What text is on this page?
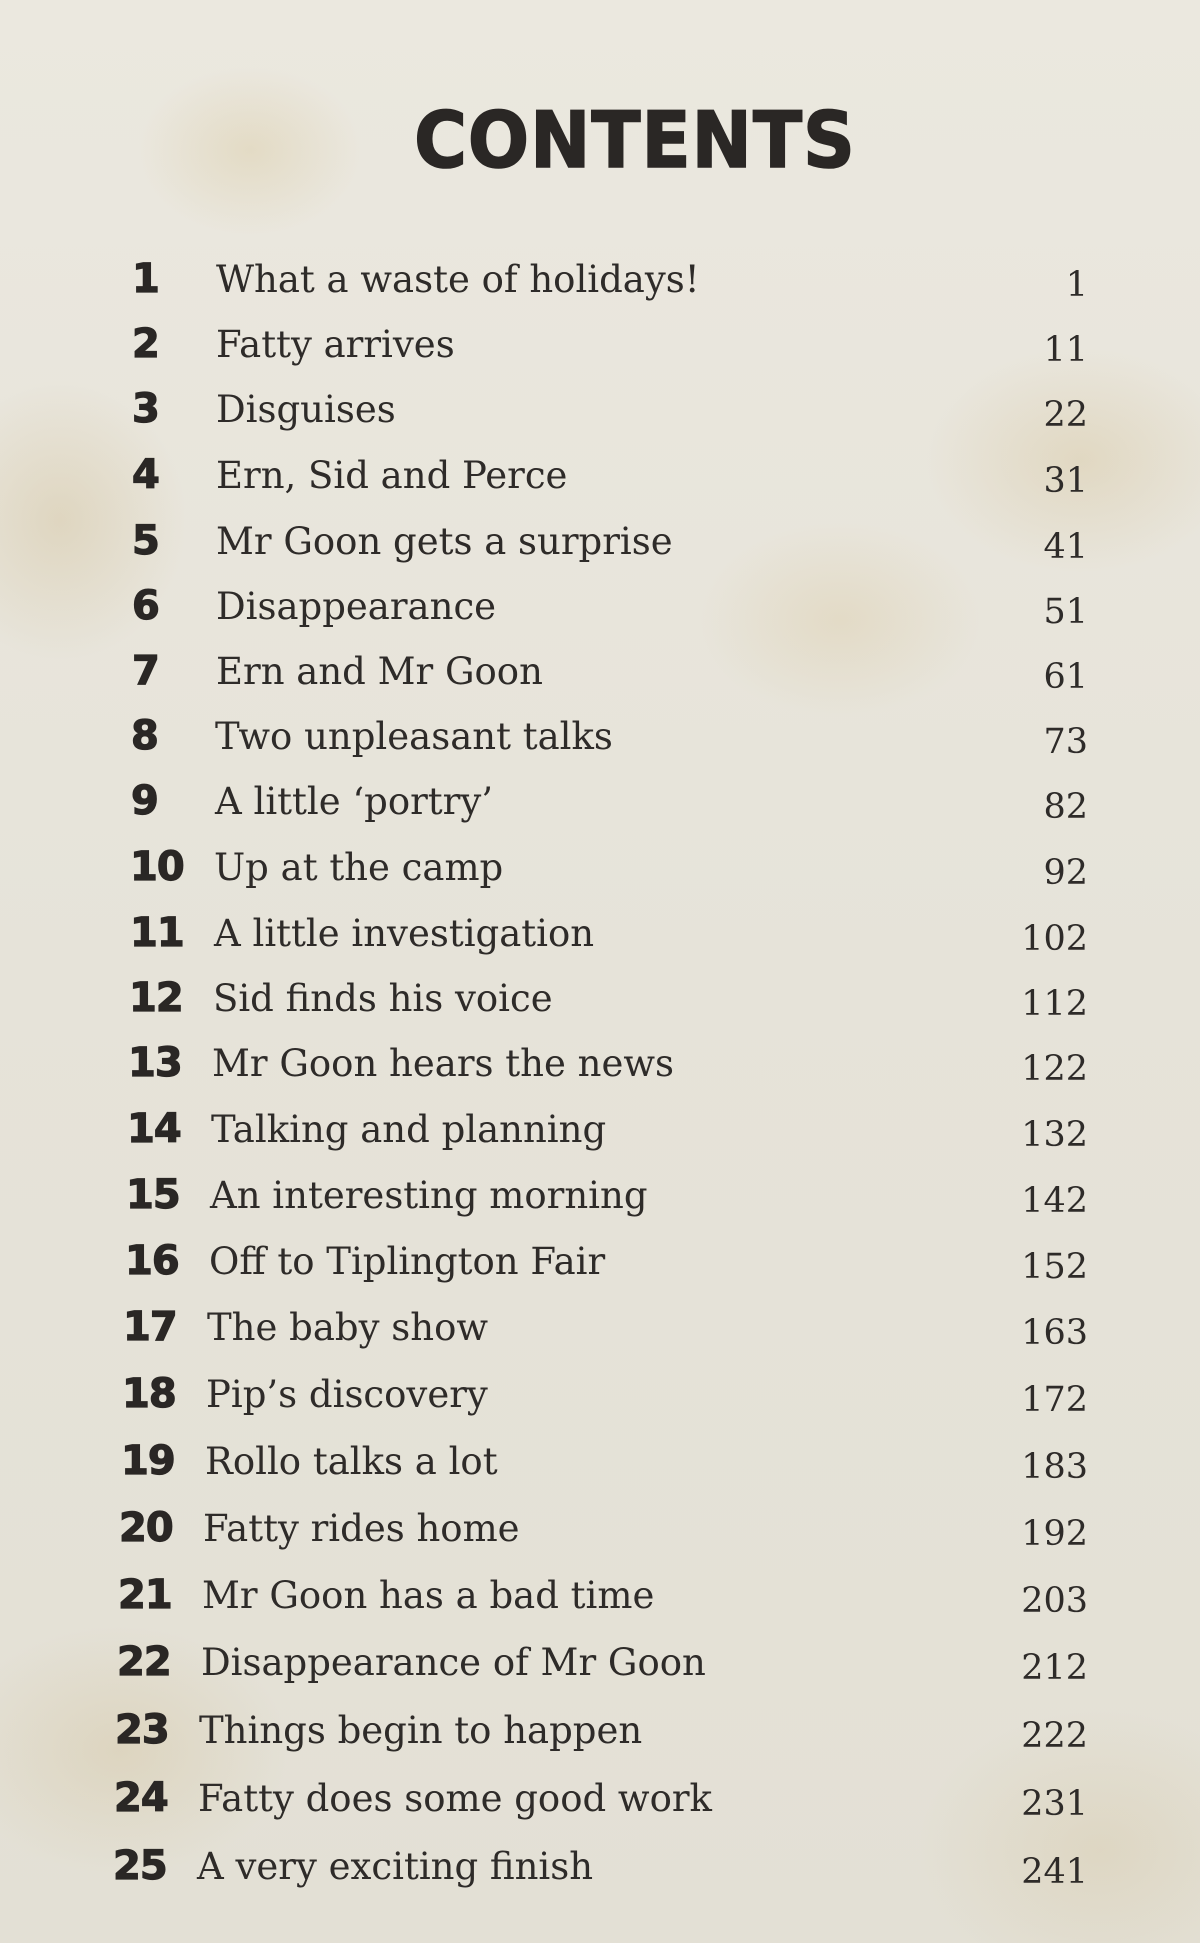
CONTENTS
1 What a waste of holidays!	1
2 Fatty arrives	11
3 Disguises	22
4 Ern, Sid and Perce	31
5 Mr Goon gets a surprise	41
6 Disappearance	51
7 Ern and Mr Goon	61
8 Two unpleasant talks	73
9 A little ‘portry’	82
10 Up at the camp	92
11 A little investigation	102
12 Sid finds his voice	112
13 Mr Goon hears the news	122
14 Talking and planning	132
15 An interesting morning	142
16 Off to Tiplington Fair	152
17 The baby show	163
18 Pip’s discovery	172
19 Rollo talks a lot	183
20 Fatty rides home	192
21 Mr Goon has a bad time	203
22 Disappearance of Mr Goon	212
23 Things begin to happen	222
24 Fatty does some good work	231
25 A very exciting finish	241
